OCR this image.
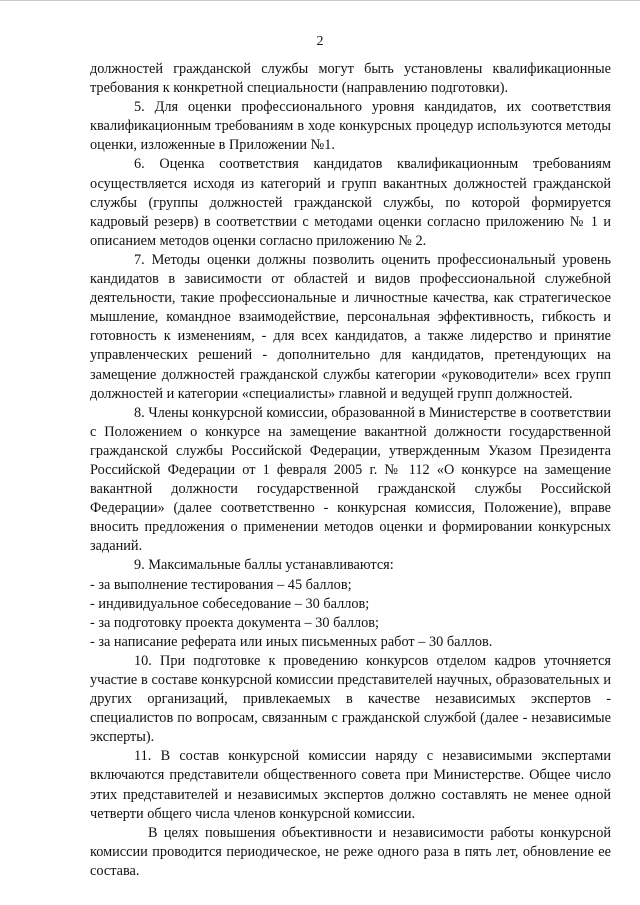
2

должностей гражданской службы могут быть установлены квалификационные требования к конкретной специальности (направлению подготовки).

5. Для оценки профессионального уровня кандидатов, их соответствия квалификационным требованиям в ходе конкурсных процедур используются методы оценки, изложенные в Приложении №1.

6. Оценка соответствия кандидатов квалификационным требованиям осуществляется исходя из категорий и групп вакантных должностей гражданской службы (группы должностей гражданской службы, по которой формируется кадровый резерв) в соответствии с методами оценки согласно приложению № 1 и описанием методов оценки согласно приложению № 2.

7. Методы оценки должны позволить оценить профессиональный уровень кандидатов в зависимости от областей и видов профессиональной служебной деятельности, такие профессиональные и личностные качества, как стратегическое мышление, командное взаимодействие, персональная эффективность, гибкость и готовность к изменениям, - для всех кандидатов, а также лидерство и принятие управленческих решений - дополнительно для кандидатов, претендующих на замещение должностей гражданской службы категории «руководители» всех групп должностей и категории «специалисты» главной и ведущей групп должностей.

8. Члены конкурсной комиссии, образованной в Министерстве в соответствии с Положением о конкурсе на замещение вакантной должности государственной гражданской службы Российской Федерации, утвержденным Указом Президента Российской Федерации от 1 февраля 2005 г. № 112 «О конкурсе на замещение вакантной должности государственной гражданской службы Российской Федерации» (далее соответственно - конкурсная комиссия, Положение), вправе вносить предложения о применении методов оценки и формировании конкурсных заданий.

9. Максимальные баллы устанавливаются:

- за выполнение тестирования – 45 баллов;
- индивидуальное собеседование – 30 баллов;
- за подготовку проекта документа – 30 баллов;
- за написание реферата или иных письменных работ – 30 баллов.

10. При подготовке к проведению конкурсов отделом кадров уточняется участие в составе конкурсной комиссии представителей научных, образовательных и других организаций, привлекаемых в качестве независимых экспертов - специалистов по вопросам, связанным с гражданской службой (далее - независимые эксперты).

11. В состав конкурсной комиссии наряду с независимыми экспертами включаются представители общественного совета при Министерстве. Общее число этих представителей и независимых экспертов должно составлять не менее одной четверти общего числа членов конкурсной комиссии.

В целях повышения объективности и независимости работы конкурсной комиссии проводится периодическое, не реже одного раза в пять лет, обновление ее состава.
